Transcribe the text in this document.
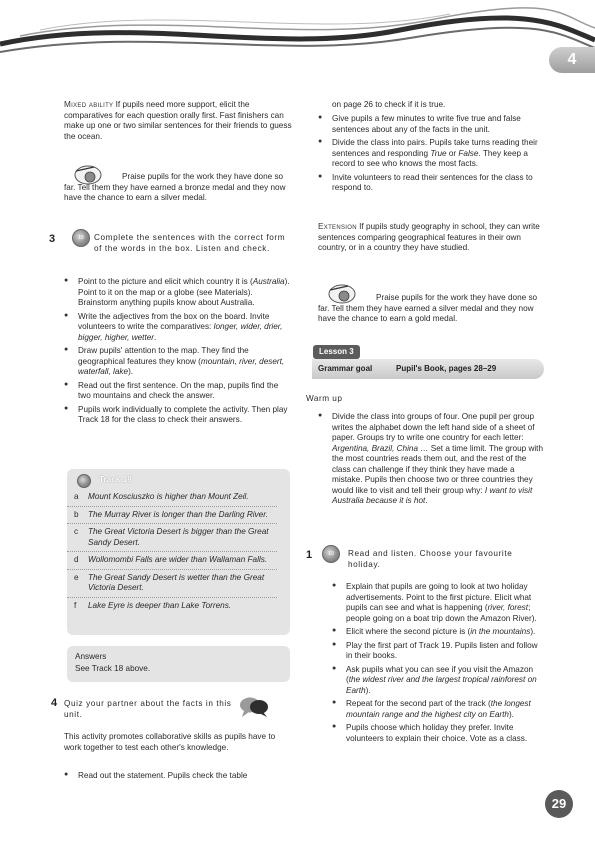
4

Mixed ability If pupils need more support, elicit the comparatives for each question orally first. Fast finishers can make up one or two similar sentences for their friends to guess the ocean.

Praise pupils for the work they have done so far. Tell them they have earned a bronze medal and they now have the chance to earn a silver medal.

3	18	Complete the sentences with the correct form of the words in the box. Listen and check.
● Point to the picture and elicit which country it is (Australia). Point to it on the map or a globe (see Materials). Brainstorm anything pupils know about Australia.
● Write the adjectives from the box on the board. Invite volunteers to write the comparatives: longer, wider, drier, bigger, higher, wetter.
● Draw pupils' attention to the map. They find the geographical features they know (mountain, river, desert, waterfall, lake).
● Read out the first sentence. On the map, pupils find the two mountains and check the answer.
● Pupils work individually to complete the activity. Then play Track 18 for the class to check their answers.
Track 18
a Mount Kosciuszko is higher than Mount Zeil.
b The Murray River is longer than the Darling River.
c The Great Victoria Desert is bigger than the Great Sandy Desert.
d Wollomombi Falls are wider than Wallaman Falls.
e The Great Sandy Desert is wetter than the Great Victoria Desert.
f Lake Eyre is deeper than Lake Torrens.
Answers
See Track 18 above.
4 Quiz your partner about the facts in this unit.

This activity promotes collaborative skills as pupils have to work together to test each other's knowledge.

● Read out the statement. Pupils check the table
on page 26 to check if it is true.
● Give pupils a few minutes to write five true and false sentences about any of the facts in the unit.
● Divide the class into pairs. Pupils take turns reading their sentences and responding True or False. They keep a record to see who knows the most facts.
● Invite volunteers to read their sentences for the class to respond to.

Extension If pupils study geography in school, they can write sentences comparing geographical features in their own country, or in a country they have studied.

Praise pupils for the work they have done so far. Tell them they have earned a silver medal and they now have the chance to earn a gold medal.

Lesson 3
Grammar goal	Pupil's Book, pages 28–29
Warm up
● Divide the class into groups of four. One pupil per group writes the alphabet down the left hand side of a sheet of paper. Groups try to write one country for each letter: Argentina, Brazil, China … Set a time limit. The group with the most countries reads them out, and the rest of the class can challenge if they think they have made a mistake. Pupils then choose two or three countries they would like to visit and tell their group why: I want to visit Australia because it is hot.
1	19	Read and listen. Choose your favourite holiday.
● Explain that pupils are going to look at two holiday advertisements. Point to the first picture. Elicit what pupils can see and what is happening (river, forest; people going on a boat trip down the Amazon River).
● Elicit where the second picture is (in the mountains).
● Play the first part of Track 19. Pupils listen and follow in their books.
● Ask pupils what you can see if you visit the Amazon (the widest river and the largest tropical rainforest on Earth).
● Repeat for the second part of the track (the longest mountain range and the highest city on Earth).
● Pupils choose which holiday they prefer. Invite volunteers to explain their choice. Vote as a class.
29
